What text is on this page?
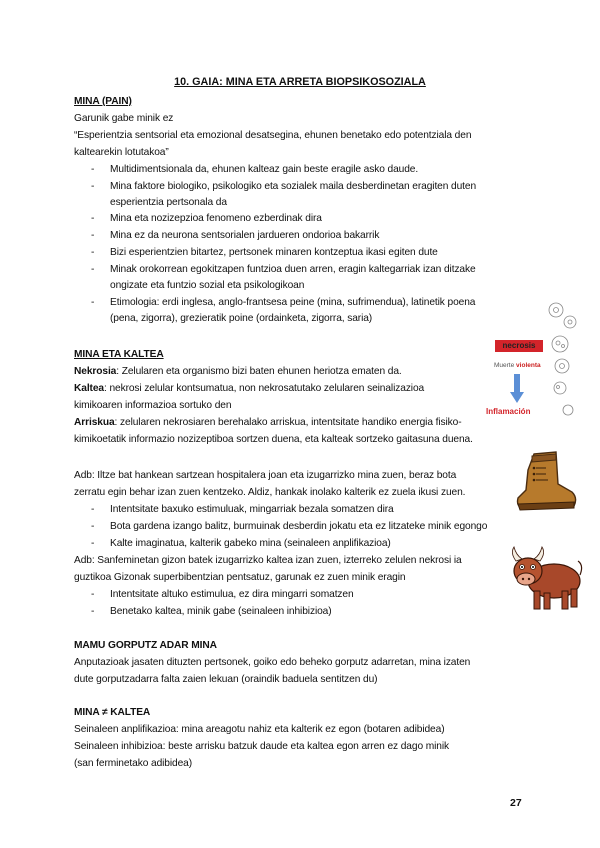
10. GAIA: MINA ETA ARRETA BIOPSIKOSOZIALA
MINA (PAIN)
Garunik gabe minik ez
“Esperientzia sentsorial eta emozional desatsegina, ehunen benetako edo potentziala den
kaltearekin lotutakoa”
- Multidimentsionala da, ehunen kalteaz gain beste eragile asko daude.
- Mina faktore biologiko, psikologiko eta sozialek maila desberdinetan eragiten duten
esperientzia pertsonala da
- Mina eta nozizepzioa fenomeno ezberdinak dira
- Mina ez da neurona sentsorialen jardueren ondorioa bakarrik
- Bizi esperientzien bitartez, pertsonek minaren kontzeptua ikasi egiten dute
- Minak orokorrean egokitzapen funtzioa duen arren, eragin kaltegarriak izan ditzake
ongizate eta funtzio sozial eta psikologikoan
- Etimologia: erdi inglesa, anglo-frantsesa peine (mina, sufrimendua), latinetik poena
(pena, zigorra), grezieratik poine (ordainketa, zigorra, saria)
MINA ETA KALTEA
Nekrosia: Zelularen eta organismo bizi baten ehunen heriotza ematen da.
Kaltea: nekrosi zelular kontsumatua, non nekrosatutako zelularen seinalizazioa
kimikoaren informazioa sortuko den
Arriskua: zelularen nekrosiaren berehalako arriskua, intentsitate handiko energia fisiko-
kimikoetatik informazio nozizeptiboa sortzen duena, eta kalteak sortzeko gaitasuna duena.
necrosis
Muerte violenta
Inflamación
Adb: Iltze bat hankean sartzean hospitalera joan eta izugarrizko mina zuen, beraz bota
zerratu egin behar izan zuen kentzeko. Aldiz, hankak inolako kalterik ez zuela ikusi zuen.
- Intentsitate baxuko estimuluak, mingarriak bezala somatzen dira
- Bota gardena izango balitz, burmuinak desberdin jokatu eta ez litzateke minik egongo
- Kalte imaginatua, kalterik gabeko mina (seinaleen anplifikazioa)
Adb: Sanfeminetan gizon batek izugarrizko kaltea izan zuen, izterreko zelulen nekrosi ia
guztikoa Gizonak superbibentzian pentsatuz, garunak ez zuen minik eragin
- Intentsitate altuko estimulua, ez dira mingarri somatzen
- Benetako kaltea, minik gabe (seinaleen inhibizioa)
MAMU GORPUTZ ADAR MINA
Anputazioak jasaten dituzten pertsonek, goiko edo beheko gorputz adarretan, mina izaten
dute gorputzadarra falta zaien lekuan (oraindik baduela sentitzen du)
MINA ≠ KALTEA
Seinaleen anplifikazioa: mina areagotu nahiz eta kalterik ez egon (botaren adibidea)
Seinaleen inhibizioa: beste arrisku batzuk daude eta kaltea egon arren ez dago minik
(san ferminetako adibidea)
27
